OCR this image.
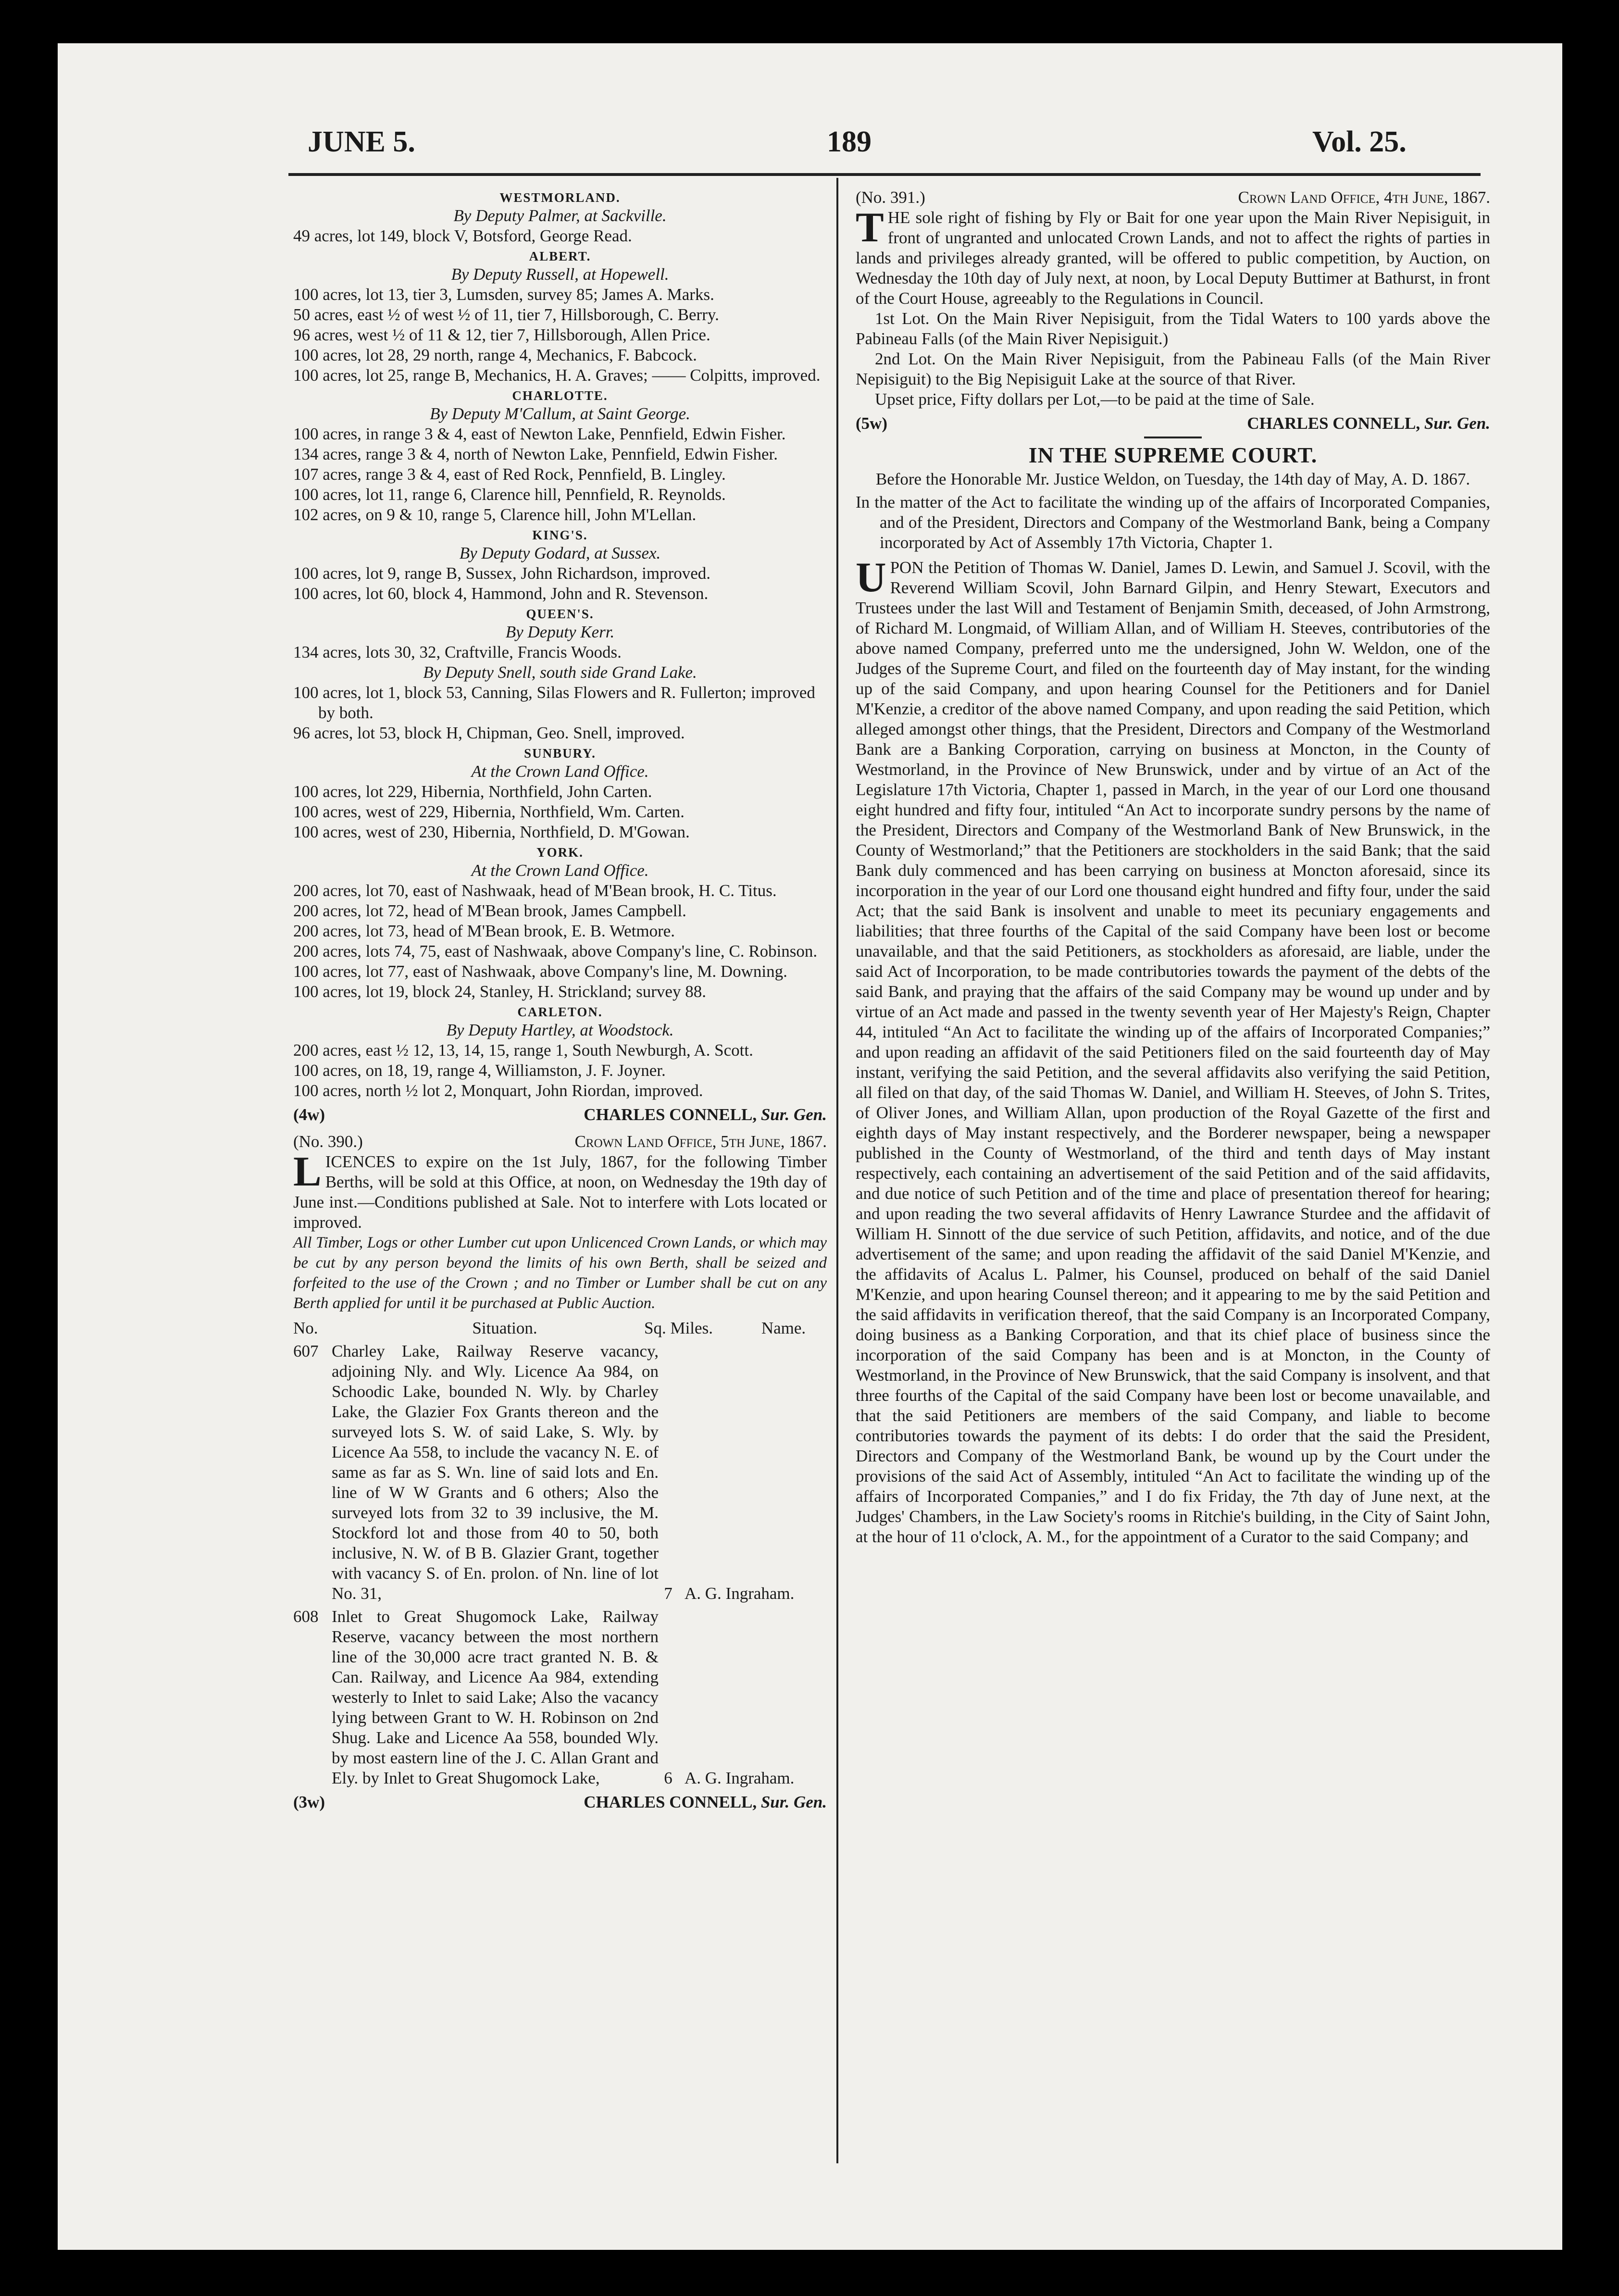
JUNE 5.	189	Vol. 25.
WESTMORLAND.
By Deputy Palmer, at Sackville.
49 acres, lot 149, block V, Botsford, George Read.
ALBERT.
By Deputy Russell, at Hopewell.
100 acres, lot 13, tier 3, Lumsden, survey 85; James A. Marks.
50 acres, east ½ of west ½ of 11, tier 7, Hillsborough, C. Berry.
96 acres, west ½ of 11 & 12, tier 7, Hillsborough, Allen Price.
100 acres, lot 28, 29 north, range 4, Mechanics, F. Babcock.
100 acres, lot 25, range B, Mechanics, H. A. Graves; —— Colpitts, improved.
CHARLOTTE.
By Deputy M'Callum, at Saint George.
100 acres, in range 3 & 4, east of Newton Lake, Pennfield, Edwin Fisher.
134 acres, range 3 & 4, north of Newton Lake, Pennfield, Edwin Fisher.
107 acres, range 3 & 4, east of Red Rock, Pennfield, B. Lingley.
100 acres, lot 11, range 6, Clarence hill, Pennfield, R. Reynolds.
102 acres, on 9 & 10, range 5, Clarence hill, John M'Lellan.
KING'S.
By Deputy Godard, at Sussex.
100 acres, lot 9, range B, Sussex, John Richardson, improved.
100 acres, lot 60, block 4, Hammond, John and R. Stevenson.
QUEEN'S.
By Deputy Kerr.
134 acres, lots 30, 32, Craftville, Francis Woods.
By Deputy Snell, south side Grand Lake.
100 acres, lot 1, block 53, Canning, Silas Flowers and R. Fullerton; improved by both.
96 acres, lot 53, block H, Chipman, Geo. Snell, improved.
SUNBURY.
At the Crown Land Office.
100 acres, lot 229, Hibernia, Northfield, John Carten.
100 acres, west of 229, Hibernia, Northfield, Wm. Carten.
100 acres, west of 230, Hibernia, Northfield, D. M'Gowan.
YORK.
At the Crown Land Office.
200 acres, lot 70, east of Nashwaak, head of M'Bean brook, H. C. Titus.
200 acres, lot 72, head of M'Bean brook, James Campbell.
200 acres, lot 73, head of M'Bean brook, E. B. Wetmore.
200 acres, lots 74, 75, east of Nashwaak, above Company's line, C. Robinson.
100 acres, lot 77, east of Nashwaak, above Company's line, M. Downing.
100 acres, lot 19, block 24, Stanley, H. Strickland; survey 88.
CARLETON.
By Deputy Hartley, at Woodstock.
200 acres, east ½ 12, 13, 14, 15, range 1, South Newburgh, A. Scott.
100 acres, on 18, 19, range 4, Williamston, J. F. Joyner.
100 acres, north ½ lot 2, Monquart, John Riordan, improved.
(4w)	CHARLES CONNELL, Sur. Gen.
(No. 390.)	Crown Land Office, 5th June, 1867.
LICENCES to expire on the 1st July, 1867, for the following Timber Berths, will be sold at this Office, at noon, on Wednesday the 19th day of June inst.—Conditions published at Sale. Not to interfere with Lots located or improved.
All Timber, Logs or other Lumber cut upon Unlicenced Crown Lands, or which may be cut by any person beyond the limits of his own Berth, shall be seized and forfeited to the use of the Crown ; and no Timber or Lumber shall be cut on any Berth applied for until it be purchased at Public Auction.
No.	Situation.	Sq. Miles.	Name.
607 Charley Lake, Railway Reserve vacancy, adjoining Nly. and Wly. Licence Aa 984, on Schoodic Lake, bounded N. Wly. by Charley Lake, the Glazier Fox Grants thereon and the surveyed lots S. W. of said Lake, S. Wly. by Licence Aa 558, to include the vacancy N. E. of same as far as S. Wn. line of said lots and En. line of W W Grants and 6 others; Also the surveyed lots from 32 to 39 inclusive, the M. Stockford lot and those from 40 to 50, both inclusive, N. W. of B B. Glazier Grant, together with vacancy S. of En. prolon. of Nn. line of lot No. 31,	7 A. G. Ingraham.
608 Inlet to Great Shugomock Lake, Railway Reserve, vacancy between the most northern line of the 30,000 acre tract granted N. B. & Can. Railway, and Licence Aa 984, extending westerly to Inlet to said Lake; Also the vacancy lying between Grant to W. H. Robinson on 2nd Shug. Lake and Licence Aa 558, bounded Wly. by most eastern line of the J. C. Allan Grant and Ely. by Inlet to Great Shugomock Lake,	6 A. G. Ingraham.
(3w)	CHARLES CONNELL, Sur. Gen.
(No. 391.)	Crown Land Office, 4th June, 1867.
THE sole right of fishing by Fly or Bait for one year upon the Main River Nepisiguit, in front of ungranted and unlocated Crown Lands, and not to affect the rights of parties in lands and privileges already granted, will be offered to public competition, by Auction, on Wednesday the 10th day of July next, at noon, by Local Deputy Buttimer at Bathurst, in front of the Court House, agreeably to the Regulations in Council.
1st Lot. On the Main River Nepisiguit, from the Tidal Waters to 100 yards above the Pabineau Falls (of the Main River Nepisiguit.)
2nd Lot. On the Main River Nepisiguit, from the Pabineau Falls (of the Main River Nepisiguit) to the Big Nepisiguit Lake at the source of that River.
Upset price, Fifty dollars per Lot,—to be paid at the time of Sale.
(5w)	CHARLES CONNELL, Sur. Gen.
IN THE SUPREME COURT.
Before the Honorable Mr. Justice Weldon, on Tuesday, the 14th day of May, A. D. 1867.
In the matter of the Act to facilitate the winding up of the affairs of Incorporated Companies, and of the President, Directors and Company of the Westmorland Bank, being a Company incorporated by Act of Assembly 17th Victoria, Chapter 1.
UPON the Petition of Thomas W. Daniel, James D. Lewin, and Samuel J. Scovil, with the Reverend William Scovil, John Barnard Gilpin, and Henry Stewart, Executors and Trustees under the last Will and Testament of Benjamin Smith, deceased, of John Armstrong, of Richard M. Longmaid, of William Allan, and of William H. Steeves, contributories of the above named Company, preferred unto me the undersigned, John W. Weldon, one of the Judges of the Supreme Court, and filed on the fourteenth day of May instant, for the winding up of the said Company, and upon hearing Counsel for the Petitioners and for Daniel M'Kenzie, a creditor of the above named Company, and upon reading the said Petition, which alleged amongst other things, that the President, Directors and Company of the Westmorland Bank are a Banking Corporation, carrying on business at Moncton, in the County of Westmorland, in the Province of New Brunswick, under and by virtue of an Act of the Legislature 17th Victoria, Chapter 1, passed in March, in the year of our Lord one thousand eight hundred and fifty four, intituled “An Act to incorporate sundry persons by the name of the President, Directors and Company of the Westmorland Bank of New Brunswick, in the County of Westmorland;” that the Petitioners are stockholders in the said Bank; that the said Bank duly commenced and has been carrying on business at Moncton aforesaid, since its incorporation in the year of our Lord one thousand eight hundred and fifty four, under the said Act; that the said Bank is insolvent and unable to meet its pecuniary engagements and liabilities; that three fourths of the Capital of the said Company have been lost or become unavailable, and that the said Petitioners, as stockholders as aforesaid, are liable, under the said Act of Incorporation, to be made contributories towards the payment of the debts of the said Bank, and praying that the affairs of the said Company may be wound up under and by virtue of an Act made and passed in the twenty seventh year of Her Majesty's Reign, Chapter 44, intituled “An Act to facilitate the winding up of the affairs of Incorporated Companies;” and upon reading an affidavit of the said Petitioners filed on the said fourteenth day of May instant, verifying the said Petition, and the several affidavits also verifying the said Petition, all filed on that day, of the said Thomas W. Daniel, and William H. Steeves, of John S. Trites, of Oliver Jones, and William Allan, upon production of the Royal Gazette of the first and eighth days of May instant respectively, and the Borderer newspaper, being a newspaper published in the County of Westmorland, of the third and tenth days of May instant respectively, each containing an advertisement of the said Petition and of the said affidavits, and due notice of such Petition and of the time and place of presentation thereof for hearing; and upon reading the two several affidavits of Henry Lawrance Sturdee and the affidavit of William H. Sinnott of the due service of such Petition, affidavits, and notice, and of the due advertisement of the same; and upon reading the affidavit of the said Daniel M'Kenzie, and the affidavits of Acalus L. Palmer, his Counsel, produced on behalf of the said Daniel M'Kenzie, and upon hearing Counsel thereon; and it appearing to me by the said Petition and the said affidavits in verification thereof, that the said Company is an Incorporated Company, doing business as a Banking Corporation, and that its chief place of business since the incorporation of the said Company has been and is at Moncton, in the County of Westmorland, in the Province of New Brunswick, that the said Company is insolvent, and that three fourths of the Capital of the said Company have been lost or become unavailable, and that the said Petitioners are members of the said Company, and liable to become contributories towards the payment of its debts: I do order that the said the President, Directors and Company of the Westmorland Bank, be wound up by the Court under the provisions of the said Act of Assembly, intituled “An Act to facilitate the winding up of the affairs of Incorporated Companies,” and I do fix Friday, the 7th day of June next, at the Judges' Chambers, in the Law Society's rooms in Ritchie's building, in the City of Saint John, at the hour of 11 o'clock, A. M., for the appointment of a Curator to the said Company; and
